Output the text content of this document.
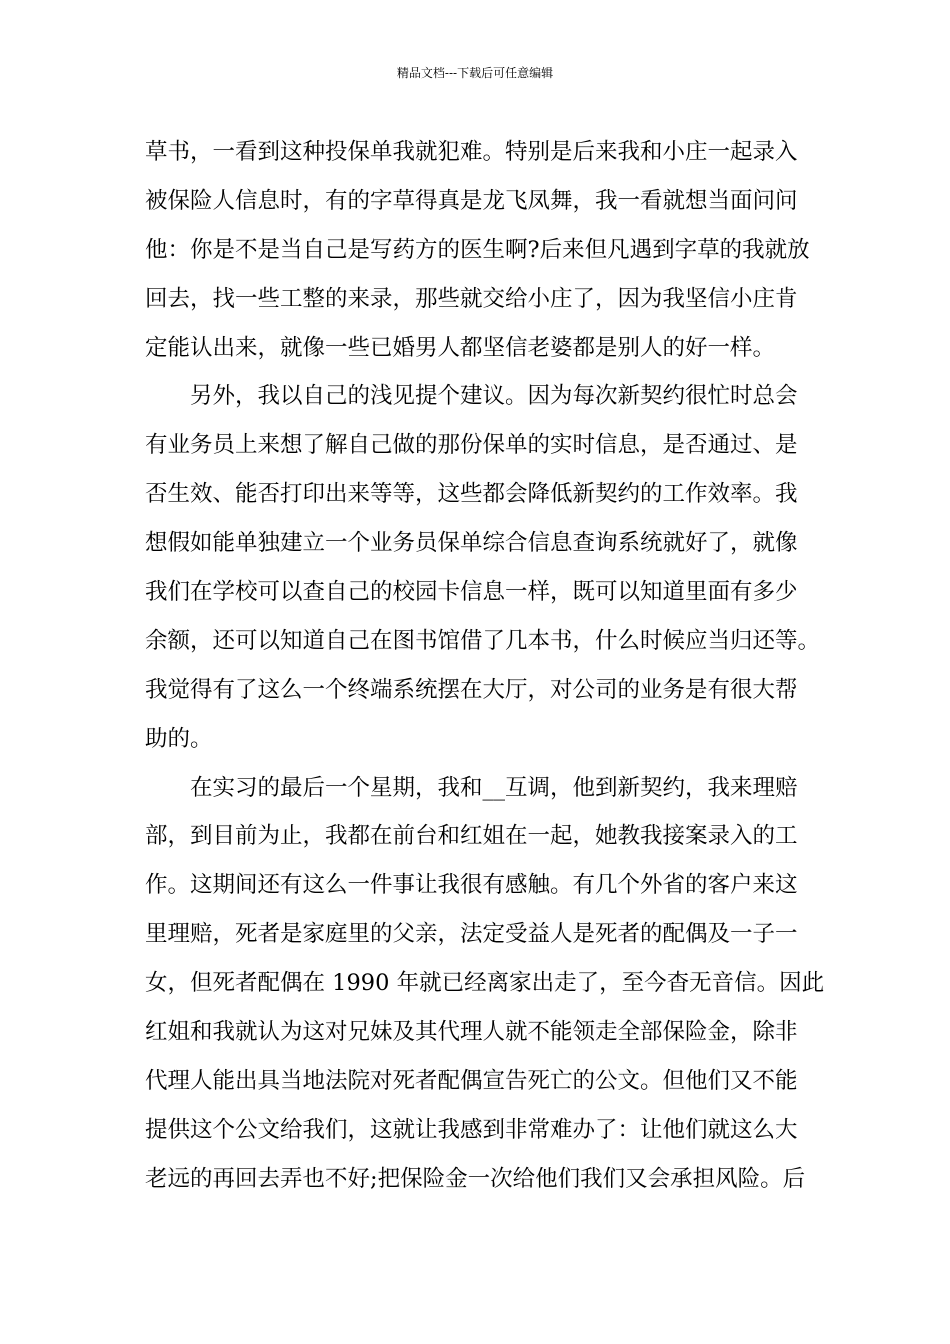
精品文档---下载后可任意编辑
草书，一看到这种投保单我就犯难。特别是后来我和小庄一起录入
被保险人信息时，有的字草得真是龙飞凤舞，我一看就想当面问问
他：你是不是当自己是写药方的医生啊?后来但凡遇到字草的我就放
回去，找一些工整的来录，那些就交给小庄了，因为我坚信小庄肯
定能认出来，就像一些已婚男人都坚信老婆都是别人的好一样。
　　另外，我以自己的浅见提个建议。因为每次新契约很忙时总会
有业务员上来想了解自己做的那份保单的实时信息，是否通过、是
否生效、能否打印出来等等，这些都会降低新契约的工作效率。我
想假如能单独建立一个业务员保单综合信息查询系统就好了，就像
我们在学校可以查自己的校园卡信息一样，既可以知道里面有多少
余额，还可以知道自己在图书馆借了几本书，什么时候应当归还等。
我觉得有了这么一个终端系统摆在大厅，对公司的业务是有很大帮
助的。
　　在实习的最后一个星期，我和__互调，他到新契约，我来理赔
部，到目前为止，我都在前台和红姐在一起，她教我接案录入的工
作。这期间还有这么一件事让我很有感触。有几个外省的客户来这
里理赔，死者是家庭里的父亲，法定受益人是死者的配偶及一子一
女，但死者配偶在 1990 年就已经离家出走了，至今杳无音信。因此
红姐和我就认为这对兄妹及其代理人就不能领走全部保险金，除非
代理人能出具当地法院对死者配偶宣告死亡的公文。但他们又不能
提供这个公文给我们，这就让我感到非常难办了：让他们就这么大
老远的再回去弄也不好;把保险金一次给他们我们又会承担风险。后
